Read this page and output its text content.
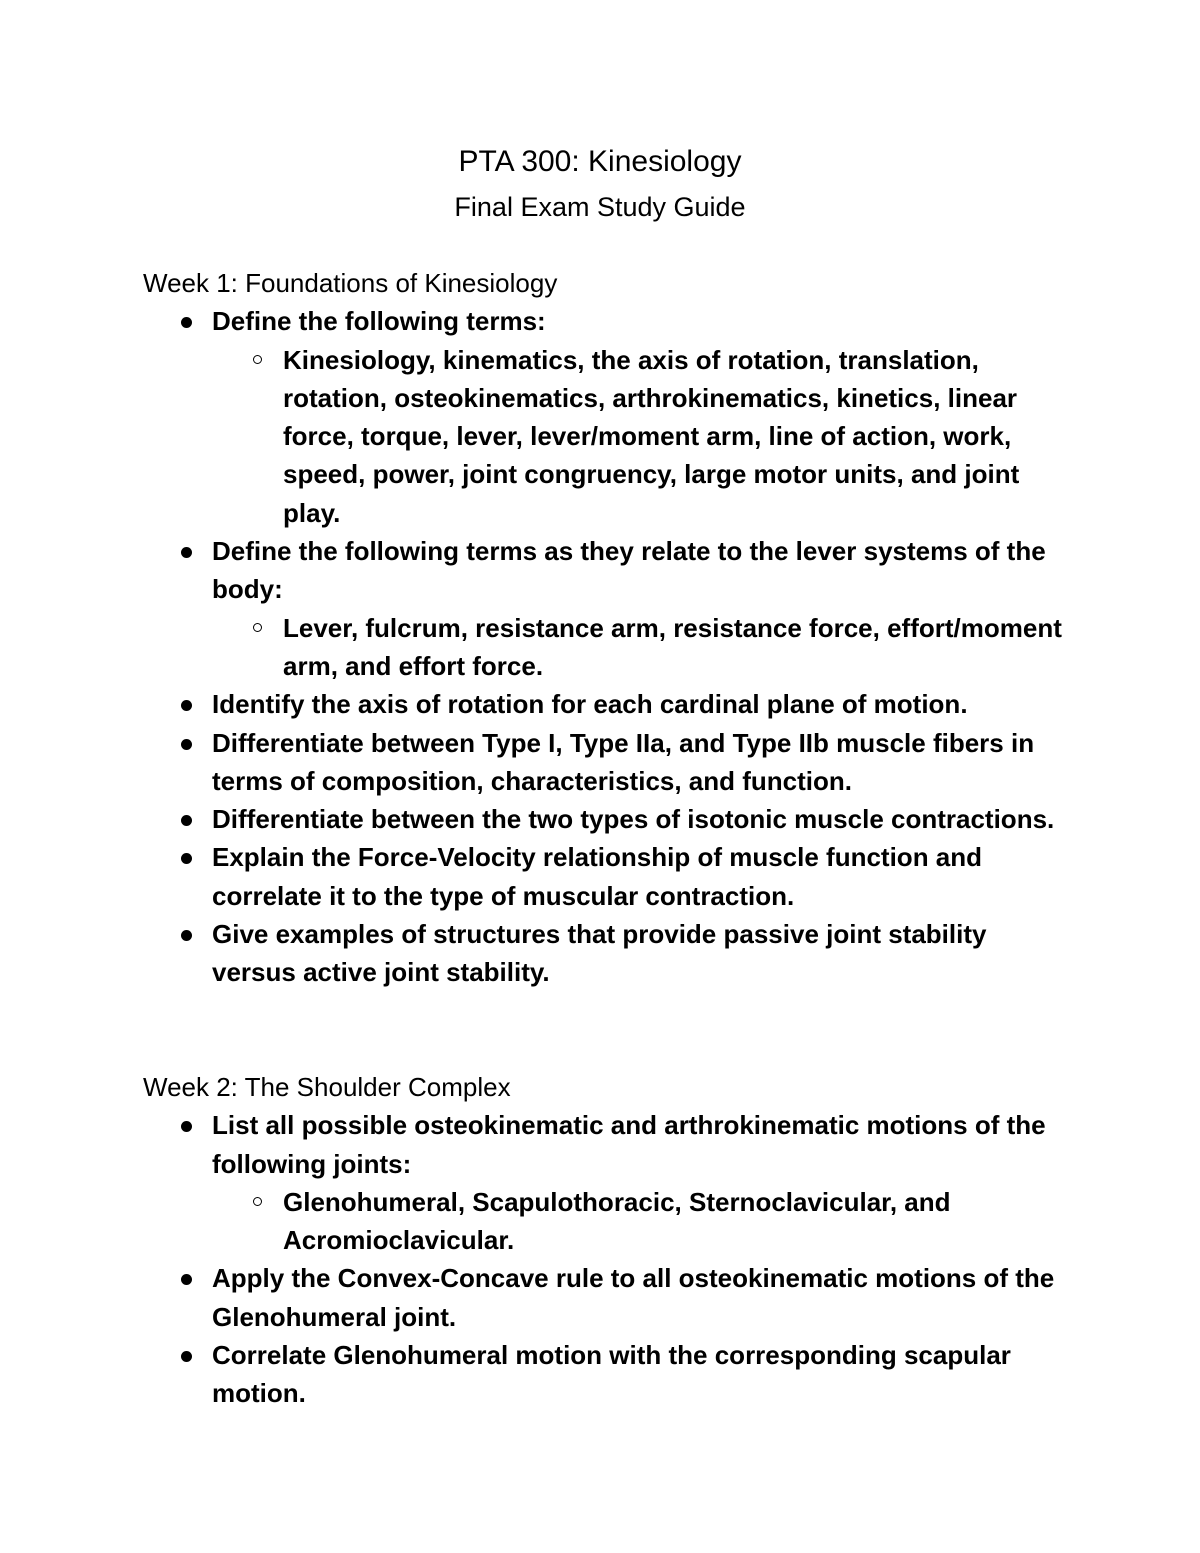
PTA 300: Kinesiology
Final Exam Study Guide
Week 1: Foundations of Kinesiology
Define the following terms:
Kinesiology, kinematics, the axis of rotation, translation, rotation, osteokinematics, arthrokinematics, kinetics, linear force, torque, lever, lever/moment arm, line of action, work, speed, power, joint congruency, large motor units, and joint play.
Define the following terms as they relate to the lever systems of the body:
Lever, fulcrum, resistance arm, resistance force, effort/moment arm, and effort force.
Identify the axis of rotation for each cardinal plane of motion.
Differentiate between Type I, Type IIa, and Type IIb muscle fibers in terms of composition, characteristics, and function.
Differentiate between the two types of isotonic muscle contractions.
Explain the Force-Velocity relationship of muscle function and correlate it to the type of muscular contraction.
Give examples of structures that provide passive joint stability versus active joint stability.
Week 2: The Shoulder Complex
List all possible osteokinematic and arthrokinematic motions of the following joints:
Glenohumeral, Scapulothoracic, Sternoclavicular, and Acromioclavicular.
Apply the Convex-Concave rule to all osteokinematic motions of the Glenohumeral joint.
Correlate Glenohumeral motion with the corresponding scapular motion.
